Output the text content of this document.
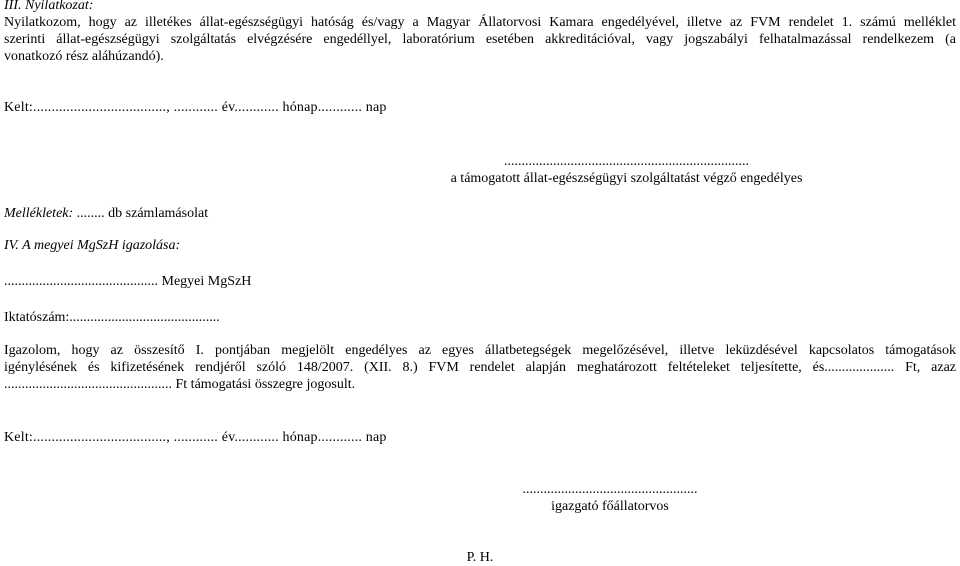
III. Nyilatkozat:
Nyilatkozom, hogy az illetékes állat-egészségügyi hatóság és/vagy a Magyar Állatorvosi Kamara engedélyével, illetve az FVM rendelet 1. számú melléklet
szerinti állat-egészségügyi szolgáltatás elvégzésére engedéllyel, laboratórium esetében akkreditációval, vagy jogszabályi felhatalmazással rendelkezem (a
vonatkozó rész aláhúzandó).
Kelt:...................................., ............ év............ hónap............ nap
......................................................................
a támogatott állat-egészségügyi szolgáltatást végző engedélyes
Mellékletek: ........ db számlamásolat
IV. A megyei MgSzH igazolása:
............................................ Megyei MgSzH
Iktatószám:...........................................
Igazolom, hogy az összesítő I. pontjában megjelölt engedélyes az egyes állatbetegségek megelőzésével, illetve leküzdésével kapcsolatos támogatások
igénylésének és kifizetésének rendjéről szóló 148/2007. (XII. 8.) FVM rendelet alapján meghatározott feltételeket teljesítette, és.................... Ft, azaz
................................................ Ft támogatási összegre jogosult.
Kelt:...................................., ............ év............ hónap............ nap
..................................................
igazgató főállatorvos
P. H.
